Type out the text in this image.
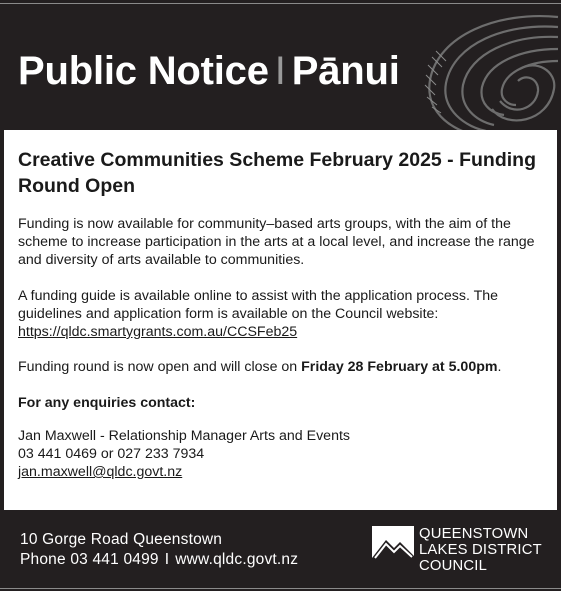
Public Notice I Pānui
Creative Communities Scheme February 2025 - Funding Round Open
Funding is now available for community–based arts groups, with the aim of the scheme to increase participation in the arts at a local level, and increase the range and diversity of arts available to communities.
A funding guide is available online to assist with the application process. The guidelines and application form is available on the Council website:
https://qldc.smartygrants.com.au/CCSFeb25
Funding round is now open and will close on Friday 28 February at 5.00pm.
For any enquiries contact:
Jan Maxwell - Relationship Manager Arts and Events
03 441 0469 or 027 233 7934
jan.maxwell@qldc.govt.nz
10 Gorge Road Queenstown
Phone 03 441 0499 I www.qldc.govt.nz
QUEENSTOWN
LAKES DISTRICT
COUNCIL
